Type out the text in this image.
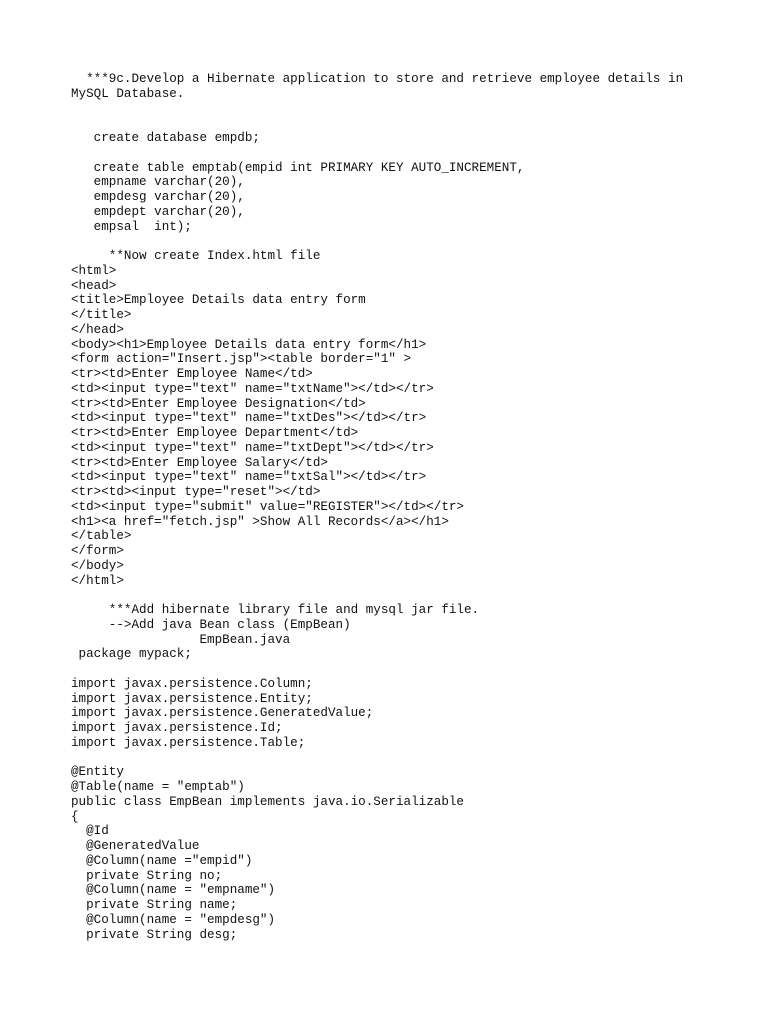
***9c.Develop a Hibernate application to store and retrieve employee details in
MySQL Database.

create database empdb;

create table emptab(empid int PRIMARY KEY AUTO_INCREMENT,
empname varchar(20),
empdesg varchar(20),
empdept varchar(20),
empsal  int);

**Now create Index.html file
<html>
<head>
<title>Employee Details data entry form
</title>
</head>
<body><h1>Employee Details data entry form</h1>
<form action="Insert.jsp"><table border="1" >
<tr><td>Enter Employee Name</td>
<td><input type="text" name="txtName"></td></tr>
<tr><td>Enter Employee Designation</td>
<td><input type="text" name="txtDes"></td></tr>
<tr><td>Enter Employee Department</td>
<td><input type="text" name="txtDept"></td></tr>
<tr><td>Enter Employee Salary</td>
<td><input type="text" name="txtSal"></td></tr>
<tr><td><input type="reset"></td>
<td><input type="submit" value="REGISTER"></td></tr>
<h1><a href="fetch.jsp" >Show All Records</a></h1>
</table>
</form>
</body>
</html>

***Add hibernate library file and mysql jar file.
-->Add java Bean class (EmpBean)
EmpBean.java
package mypack;

import javax.persistence.Column;
import javax.persistence.Entity;
import javax.persistence.GeneratedValue;
import javax.persistence.Id;
import javax.persistence.Table;

@Entity
@Table(name = "emptab")
public class EmpBean implements java.io.Serializable
{
@Id
@GeneratedValue
@Column(name ="empid")
private String no;
@Column(name = "empname")
private String name;
@Column(name = "empdesg")
private String desg;
